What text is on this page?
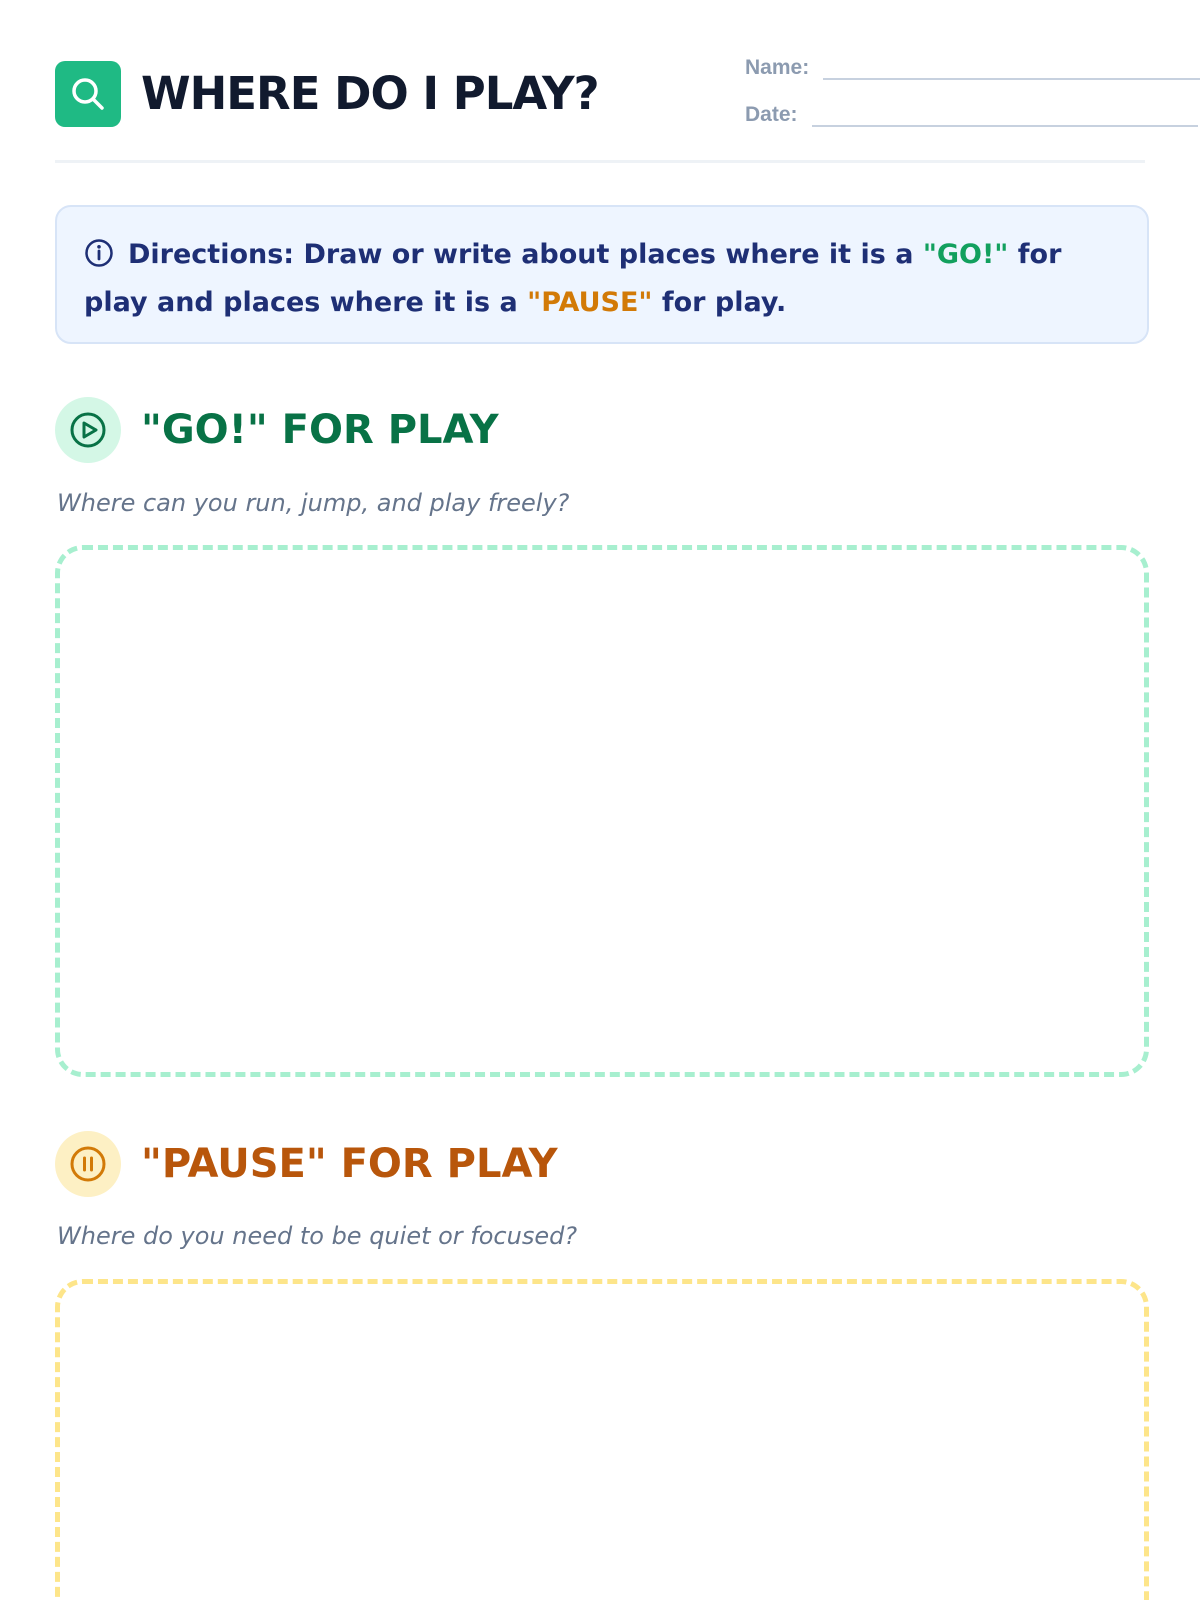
WHERE DO I PLAY?	Name:
Date:
Directions: Draw or write about places where it is a "GO!" for play and places where it is a "PAUSE" for play.
"GO!" FOR PLAY
Where can you run, jump, and play freely?
"PAUSE" FOR PLAY
Where do you need to be quiet or focused?
